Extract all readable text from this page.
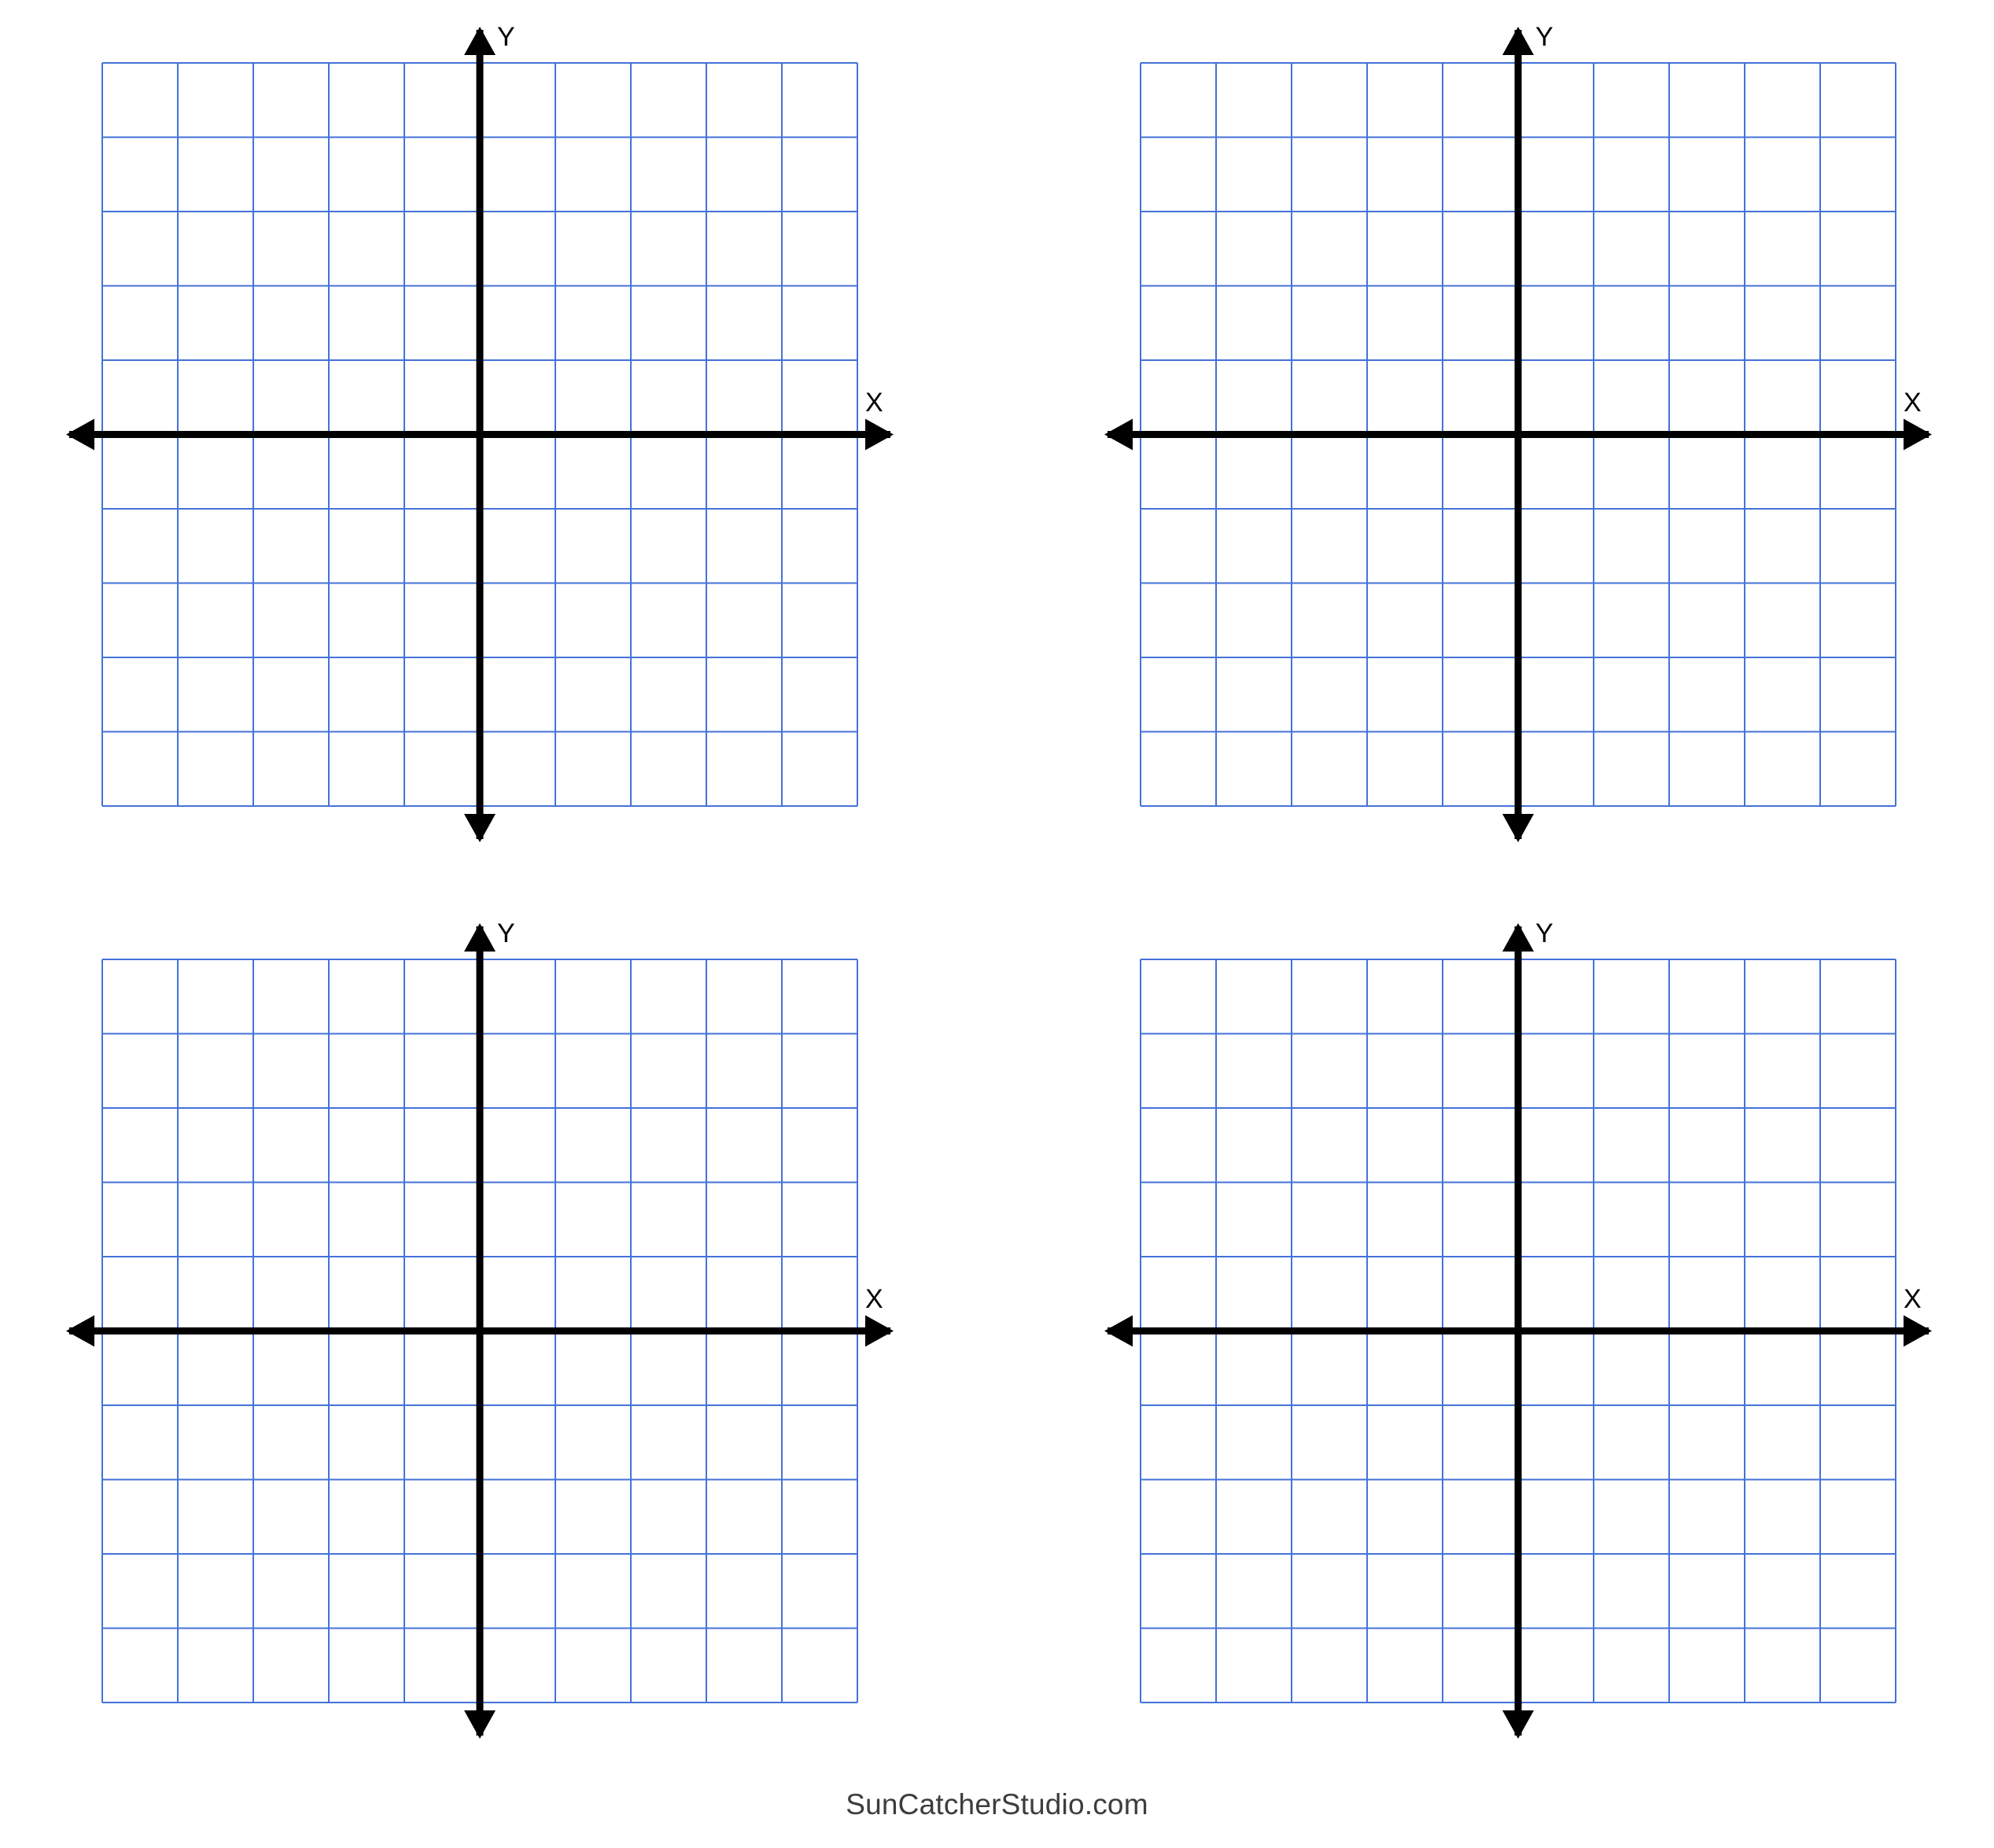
X
Y
X
Y
X
Y
X
Y
SunCatcherStudio.com
